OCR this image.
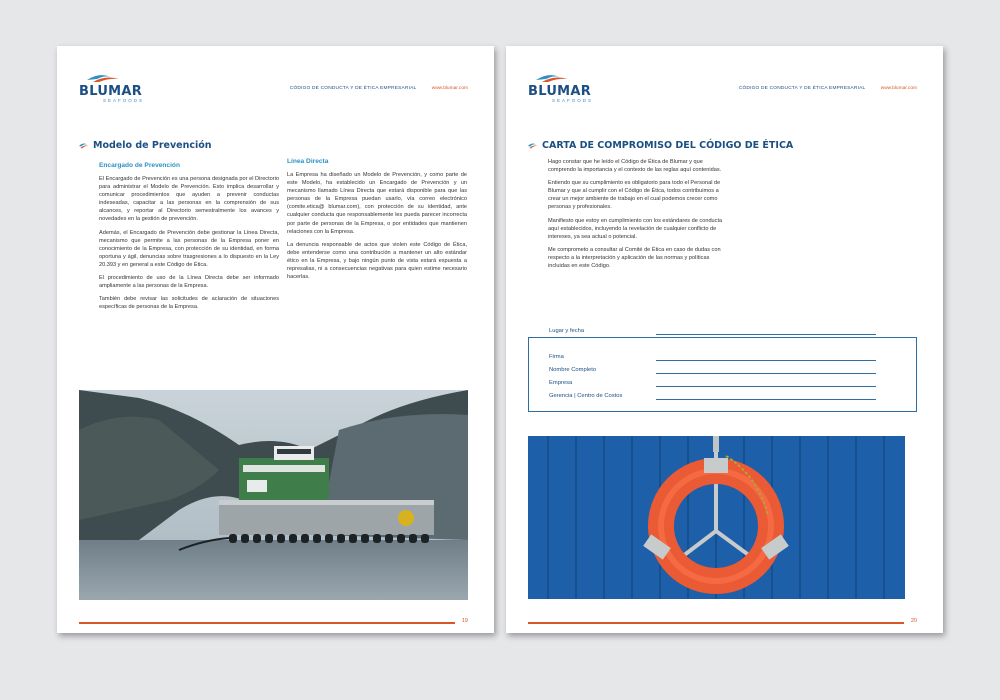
BLUMAR
SEAFOODS
CÓDIGO DE CONDUCTA Y DE ÉTICA EMPRESARIAL	www.blumar.com
Modelo de Prevención
Encargado de Prevención

El Encargado de Prevención es una persona designada por el Directorio para administrar el Modelo de Prevención. Esto implica desarrollar y comunicar procedimientos que ayuden a prevenir conductas indeseadas, capacitar a las personas en la comprensión de sus alcances, y reportar al Directorio semestralmente los avances y novedades en la gestión de prevención.

Además, el Encargado de Prevención debe gestionar la Línea Directa, mecanismo que permite a las personas de la Empresa poner en conocimiento de la Empresa, con protección de su identidad, en forma oportuna y ágil, denuncias sobre trasgresiones a lo dispuesto en la Ley 20.393 y en general a este Código de Ética.

El procedimiento de uso de la Línea Directa debe ser informado ampliamente a las personas de la Empresa.

También debe revisar las solicitudes de aclaración de situaciones específicas de personas de la Empresa.

Línea Directa

La Empresa ha diseñado un Modelo de Prevención, y como parte de este Modelo, ha establecido un Encargado de Prevención y un mecanismo llamado Línea Directa que estará disponible para que las personas de la Empresa puedan usarlo, vía correo electrónico (comite.etica@ blumar.com), con protección de su identidad, ante cualquier conducta que responsablemente les pueda parecer incorrecta por parte de personas de la Empresa, o por entidades que mantienen relaciones con la Empresa.

La denuncia responsable de actos que violen este Código de Ética, debe entenderse como una contribución a mantener un alto estándar ético en la Empresa, y bajo ningún punto de vista estará expuesta a represalias, ni a consecuencias negativas para quien estime necesario hacerlas.

19
BLUMAR
SEAFOODS
CÓDIGO DE CONDUCTA Y DE ÉTICA EMPRESARIAL	www.blumar.com
CARTA DE COMPROMISO DEL CÓDIGO DE ÉTICA

Hago constar que he leído el Código de Ética de Blumar y que comprendo la importancia y el contexto de las reglas aquí contenidas.

Entiendo que su cumplimiento es obligatorio para todo el Personal de Blumar y que al cumplir con el Código de Ética, todos contribuimos a crear un mejor ambiente de trabajo en el cual podemos crecer como personas y profesionales.

Manifiesto que estoy en cumplimiento con los estándares de conducta aquí establecidos, incluyendo la revelación de cualquier conflicto de intereses, ya sea actual o potencial.

Me comprometo a consultar al Comité de Ética en caso de dudas con respecto a la interpretación y aplicación de las normas y políticas incluidas en este Código.

Lugar y fecha
Firma
Nombre Completo
Empresa
Gerencia | Centro de Costos
20
